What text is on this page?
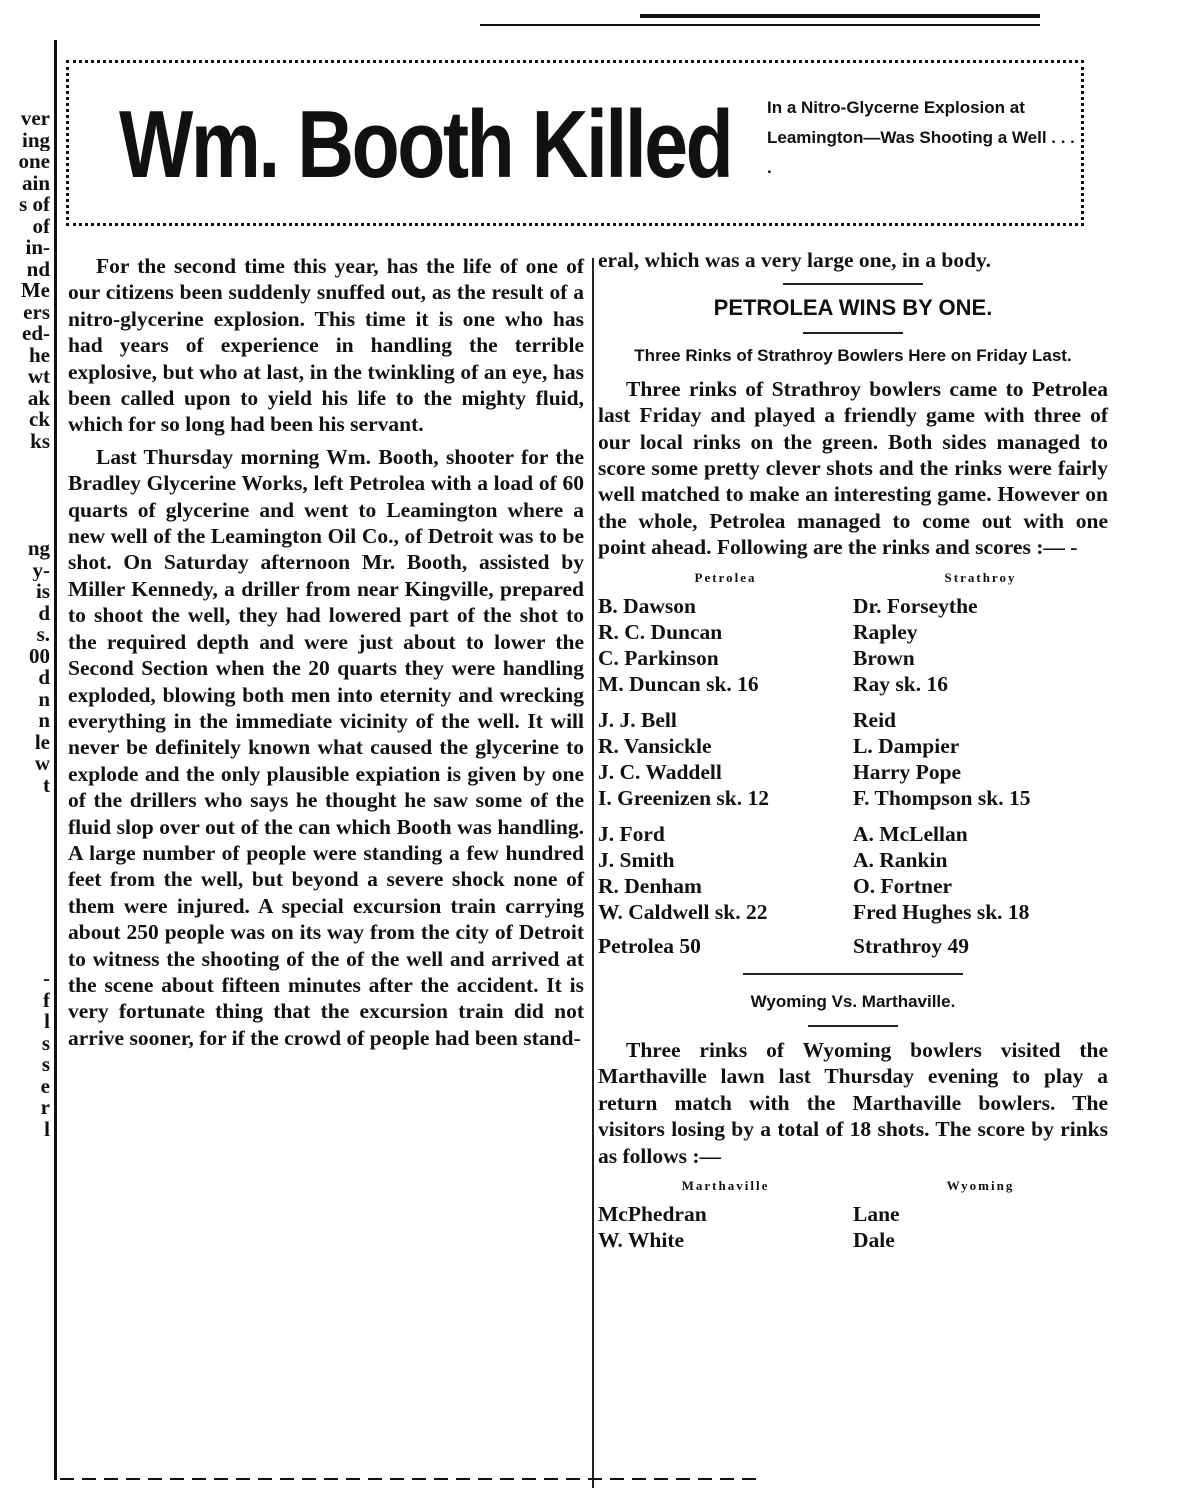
ver
ing
one
ain
s of
of
in-
nd
Me
ers
ed-
he
wt
ak
ck
ks
ng
y-
is
d
s.
00
d
n
n
le
w
t
-
f
l
s
s
e
r
l
Wm. Booth Killed In a Nitro-Glycerne Explosion at Leamington—Was Shooting a Well . . . .

For the second time this year, has the life of one of our citizens been suddenly snuffed out, as the result of a nitro-glycerine explosion. This time it is one who has had years of experience in handling the terrible explosive, but who at last, in the twinkling of an eye, has been called upon to yield his life to the mighty fluid, which for so long had been his servant.

Last Thursday morning Wm. Booth, shooter for the Bradley Glycerine Works, left Petrolea with a load of 60 quarts of glycerine and went to Leamington where a new well of the Leamington Oil Co., of Detroit was to be shot. On Saturday afternoon Mr. Booth, assisted by Miller Kennedy, a driller from near Kingville, prepared to shoot the well, they had lowered part of the shot to the required depth and were just about to lower the Second Section when the 20 quarts they were handling exploded, blowing both men into eternity and wrecking everything in the immediate vicinity of the well. It will never be definitely known what caused the glycerine to explode and the only plausible expiation is given by one of the drillers who says he thought he saw some of the fluid slop over out of the can which Booth was handling. A large number of people were standing a few hundred feet from the well, but beyond a severe shock none of them were injured. A special excursion train carrying about 250 people was on its way from the city of Detroit to witness the shooting of the of the well and arrived at the scene about fifteen minutes after the accident. It is very fortunate thing that the excursion train did not arrive sooner, for if the crowd of people had been stand-

eral, which was a very large one, in a body.
PETROLEA WINS BY ONE.
Three Rinks of Strathroy Bowlers Here on Friday Last.

Three rinks of Strathroy bowlers came to Petrolea last Friday and played a friendly game with three of our local rinks on the green. Both sides managed to score some pretty clever shots and the rinks were fairly well matched to make an interesting game. However on the whole, Petrolea managed to come out with one point ahead. Following are the rinks and scores :— -

Petrolea	Strathroy
B. Dawson	Dr. Forseythe
R. C. Duncan	Rapley
C. Parkinson	Brown
M. Duncan sk. 16	Ray sk. 16

J. J. Bell	Reid
R. Vansickle	L. Dampier
J. C. Waddell	Harry Pope
I. Greenizen sk. 12	F. Thompson sk. 15

J. Ford	A. McLellan
J. Smith	A. Rankin
R. Denham	O. Fortner
W. Caldwell sk. 22	Fred Hughes sk. 18
Petrolea 50	Strathroy 49
Wyoming Vs. Marthaville.

Three rinks of Wyoming bowlers visited the Marthaville lawn last Thursday evening to play a return match with the Marthaville bowlers. The visitors losing by a total of 18 shots. The score by rinks as follows :—

Marthaville	Wyoming
McPhedran	Lane
W. White	Dale
